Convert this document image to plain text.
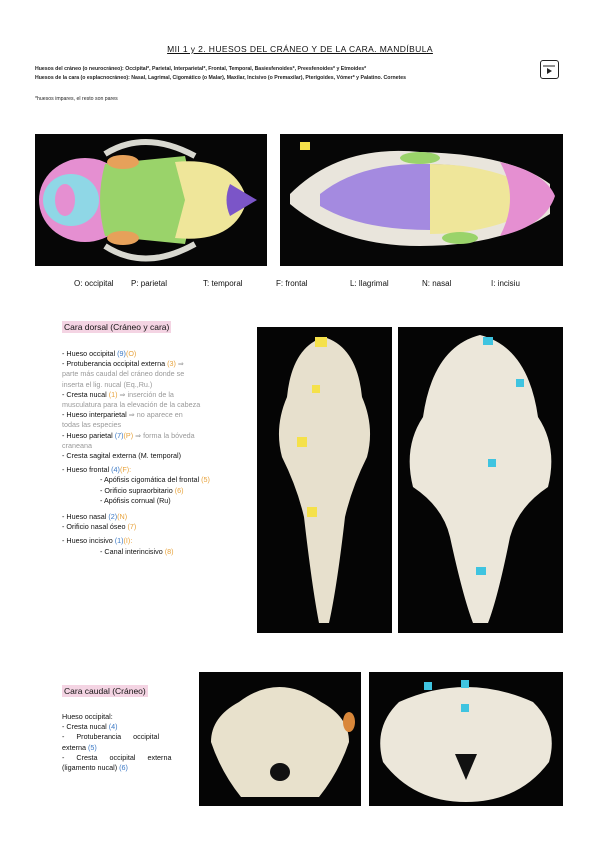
MII 1 y 2. HUESOS DEL CRÁNEO Y DE LA CARA. MANDÍBULA
Huesos del cráneo (o neurocráneo): Occipital*, Parietal, Interparietal*, Frontal, Temporal, Basiesfenoides*, Preesfenoides* y Etmoides*
Huesos de la cara (o esplacnocráneo): Nasal, Lagrimal, Cigomático (o Malar), Maxilar, Incisivo (o Premaxilar), Pterigoides, Vómer* y Palatino. Cornetes
*huesos impares, el resto son pares
O: occipital P: parietal	T: temporal	F: frontal	L: llagrimal	N: nasal	I: incisiu
Cara dorsal (Cráneo y cara)
- Hueso occipital (9)(O)
- Protuberancia occipital externa (3) ⇒
parte más caudal del cráneo donde se
inserta el lig. nucal (Eq.,Ru.)
- Cresta nucal (1) ⇒ inserción de la
musculatura para la elevación de la cabeza
- Hueso interparietal ⇒ no aparece en
todas las especies
- Hueso parietal (7)(P) ⇒ forma la bóveda
craneana
- Cresta sagital externa (M. temporal)
- Hueso frontal (4)(F):
- Apófisis cigomática del frontal (5)
- Orificio supraorbitario (6)
- Apófisis cornual (Ru)
- Hueso nasal (2)(N)
- Orificio nasal óseo (7)
- Hueso incisivo (1)(I):
- Canal interincisivo (8)
Cara caudal (Cráneo)
Hueso occipital:
- Cresta nucal (4)
-      Protuberancia      occipital
externa (5)
-      Cresta      occipital      externa
(ligamento nucal) (6)
